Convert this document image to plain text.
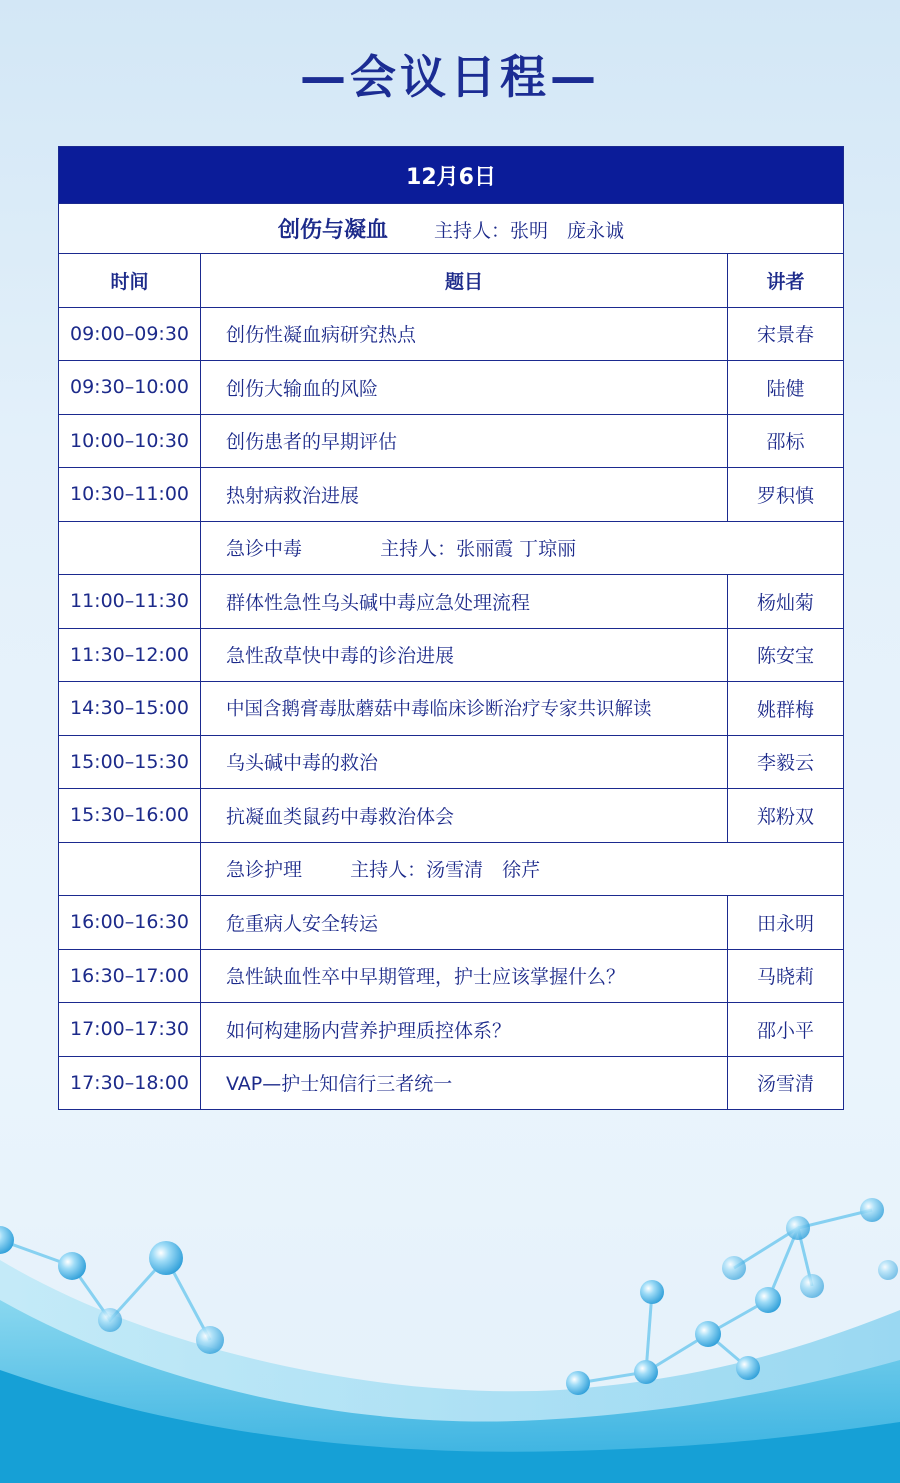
—会议日程—
12月6日		
创伤与凝血 主持人：张明　庞永诚		
时间	题目	讲者
09:00–09:30	创伤性凝血病研究热点	宋景春
09:30–10:00	创伤大输血的风险	陆健
10:00–10:30	创伤患者的早期评估	邵标
10:30–11:00	热射病救治进展	罗积慎
	急诊中毒 主持人：张丽霞 丁琼丽	
11:00–11:30	群体性急性乌头碱中毒应急处理流程	杨灿菊
11:30–12:00	急性敌草快中毒的诊治进展	陈安宝
14:30–15:00	中国含鹅膏毒肽蘑菇中毒临床诊断治疗专家共识解读	姚群梅
15:00–15:30	乌头碱中毒的救治	李毅云
15:30–16:00	抗凝血类鼠药中毒救治体会	郑粉双
	急诊护理 主持人：汤雪清　徐芹	
16:00–16:30	危重病人安全转运	田永明
16:30–17:00	急性缺血性卒中早期管理，护士应该掌握什么？	马晓莉
17:00–17:30	如何构建肠内营养护理质控体系？	邵小平
17:30–18:00	VAP—护士知信行三者统一	汤雪清
